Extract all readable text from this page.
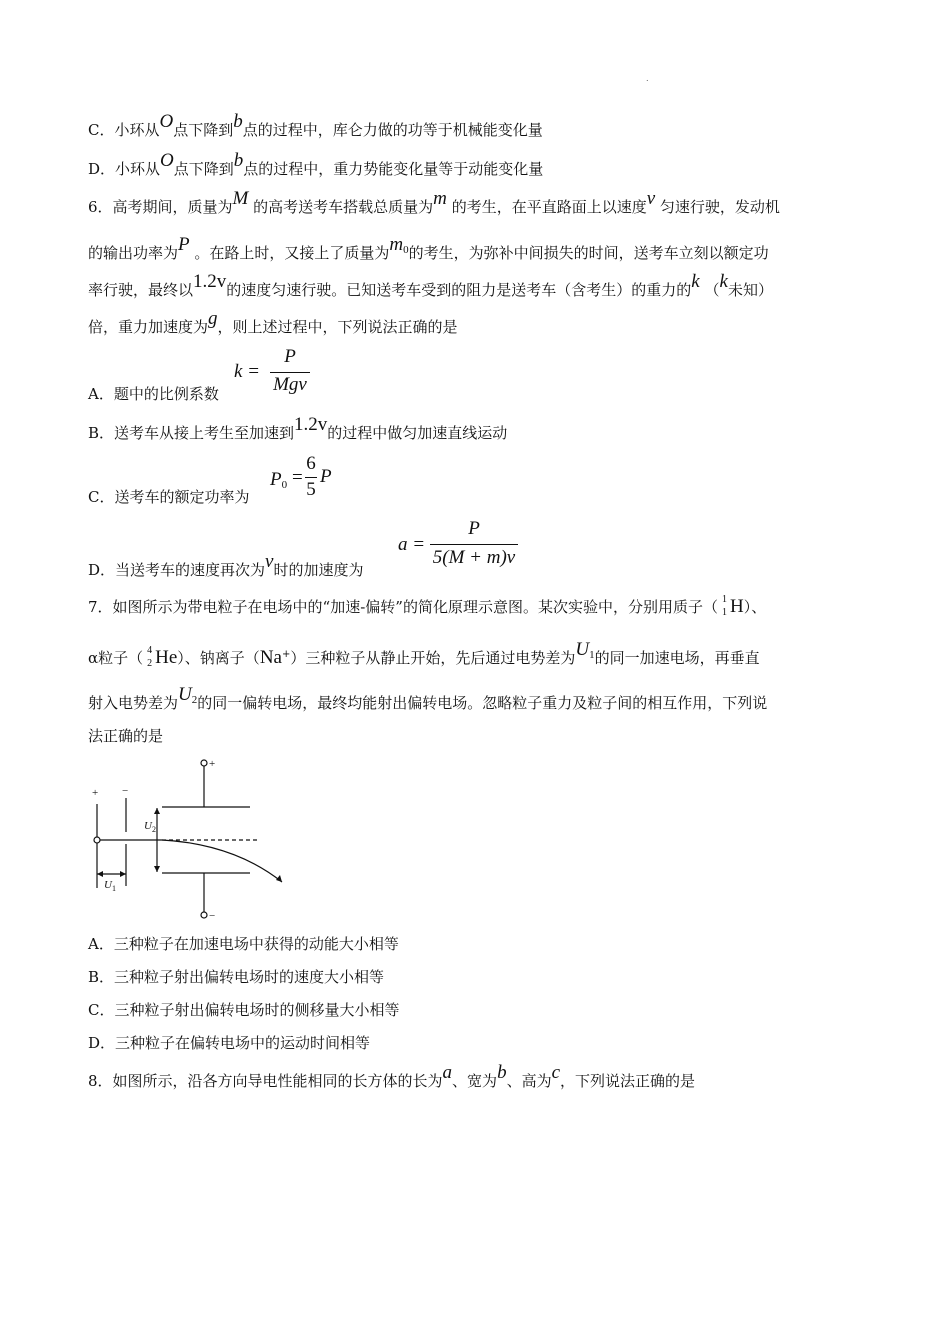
.
C．小环从O点下降到b点的过程中，库仑力做的功等于机械能变化量
D．小环从O点下降到b点的过程中，重力势能变化量等于动能变化量
6．高考期间，质量为M 的高考送考车搭载总质量为m 的考生，在平直路面上以速度v 匀速行驶，发动机
的输出功率为P 。在路上时，又接上了质量为$m_0$的考生，为弥补中间损失的时间，送考车立刻以额定功
率行驶，最终以1.2v的速度匀速行驶。已知送考车受到的阻力是送考车（含考生）的重力的k （k未知）
倍，重力加速度为g，则上述过程中，下列说法正确的是
A．题中的比例系数
k =
P
Mgv
B．送考车从接上考生至加速到1.2v的过程中做匀加速直线运动
C．送考车的额定功率为
$P_0$ =
6
5
P
D．当送考车的速度再次为v时的加速度为
a =
P
5(M + m)v
7．如图所示为带电粒子在电场中的“加速-偏转”的简化原理示意图。某次实验中，分别用质子（ 1
1 H）、
α粒子（ 4
2 He）、钠离子（Na+）三种粒子从静止开始，先后通过电势差为$U_1$的同一加速电场，再垂直
射入电势差为$U_2$的同一偏转电场，最终均能射出偏转电场。忽略粒子重力及粒子间的相互作用，下列说
法正确的是
+
−
+ −
U 1
U 2
A．三种粒子在加速电场中获得的动能大小相等
B．三种粒子射出偏转电场时的速度大小相等
C．三种粒子射出偏转电场时的侧移量大小相等
D．三种粒子在偏转电场中的运动时间相等
8．如图所示，沿各方向导电性能相同的长方体的长为a、宽为b、高为c，下列说法正确的是
